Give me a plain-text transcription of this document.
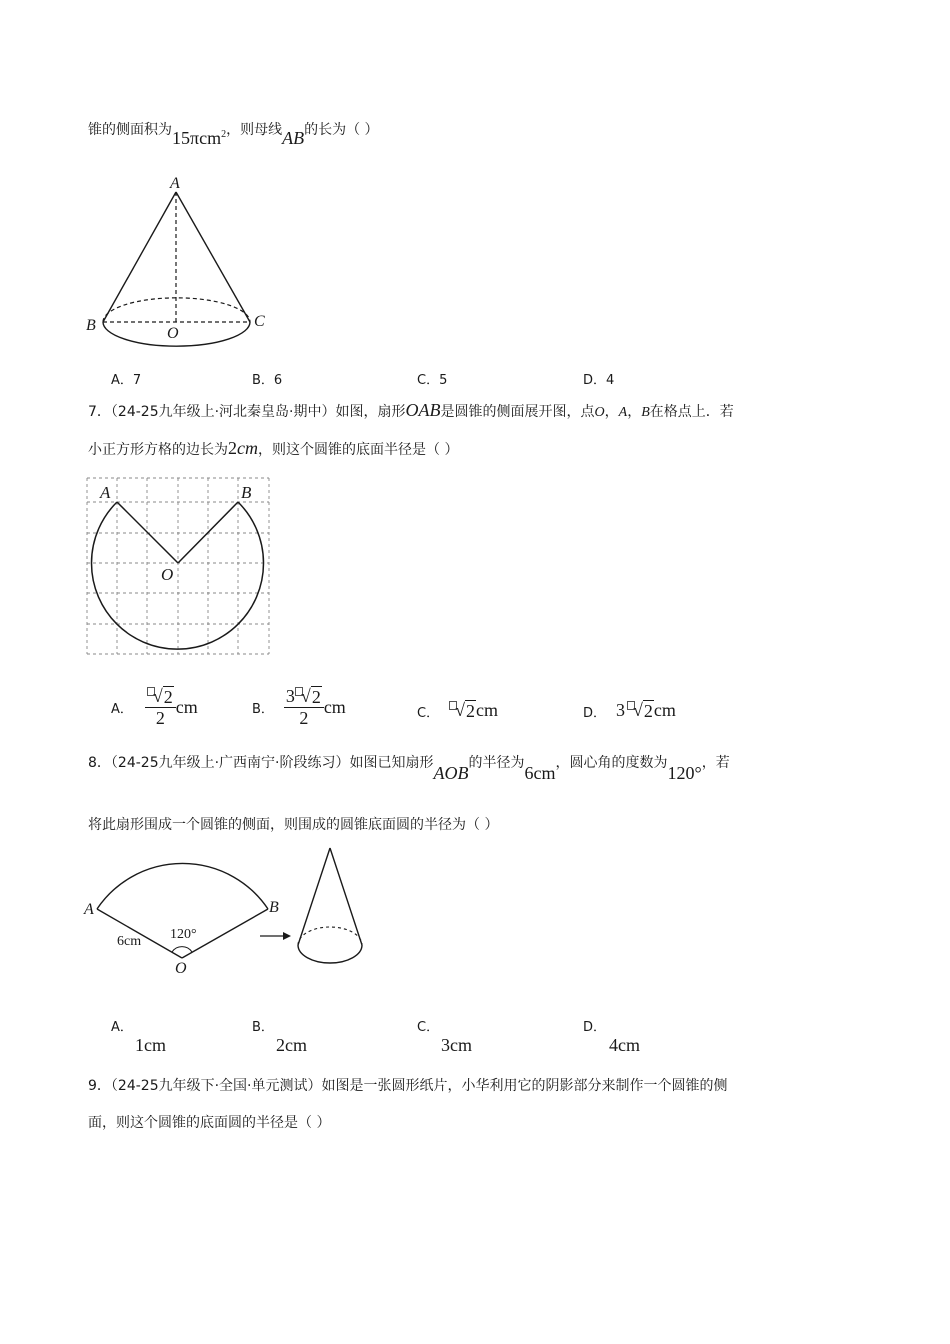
锥的侧面积为15πcm$^2$，则母线AB的长为（ ）
A
B	C
O
A．7	B．6	C．5	D．4
7．（24-25九年级上·河北秦皇岛·期中）如图，扇形OAB是圆锥的侧面展开图，点O，A，B在格点上．若
小正方形方格的边长为2cm，则这个圆锥的底面半径是（ ）
A	B
O
A． $\frac{√ 2}{2}$ cm	B． $\frac{3 √ 2}{2}$ cm	C． √ 2 cm	D． 3 √ 2 cm
8．（24-25九年级上·广西南宁·阶段练习）如图已知扇形AOB的半径为6cm，圆心角的度数为120°，若
将此扇形围成一个圆锥的侧面，则围成的圆锥底面圆的半径为（ ）
A	B
O
6cm 120°
A．
1cm
B．
2cm
C．
3cm
D．
4cm
9．（24-25九年级下·全国·单元测试）如图是一张圆形纸片，小华利用它的阴影部分来制作一个圆锥的侧
面，则这个圆锥的底面圆的半径是（ ）
